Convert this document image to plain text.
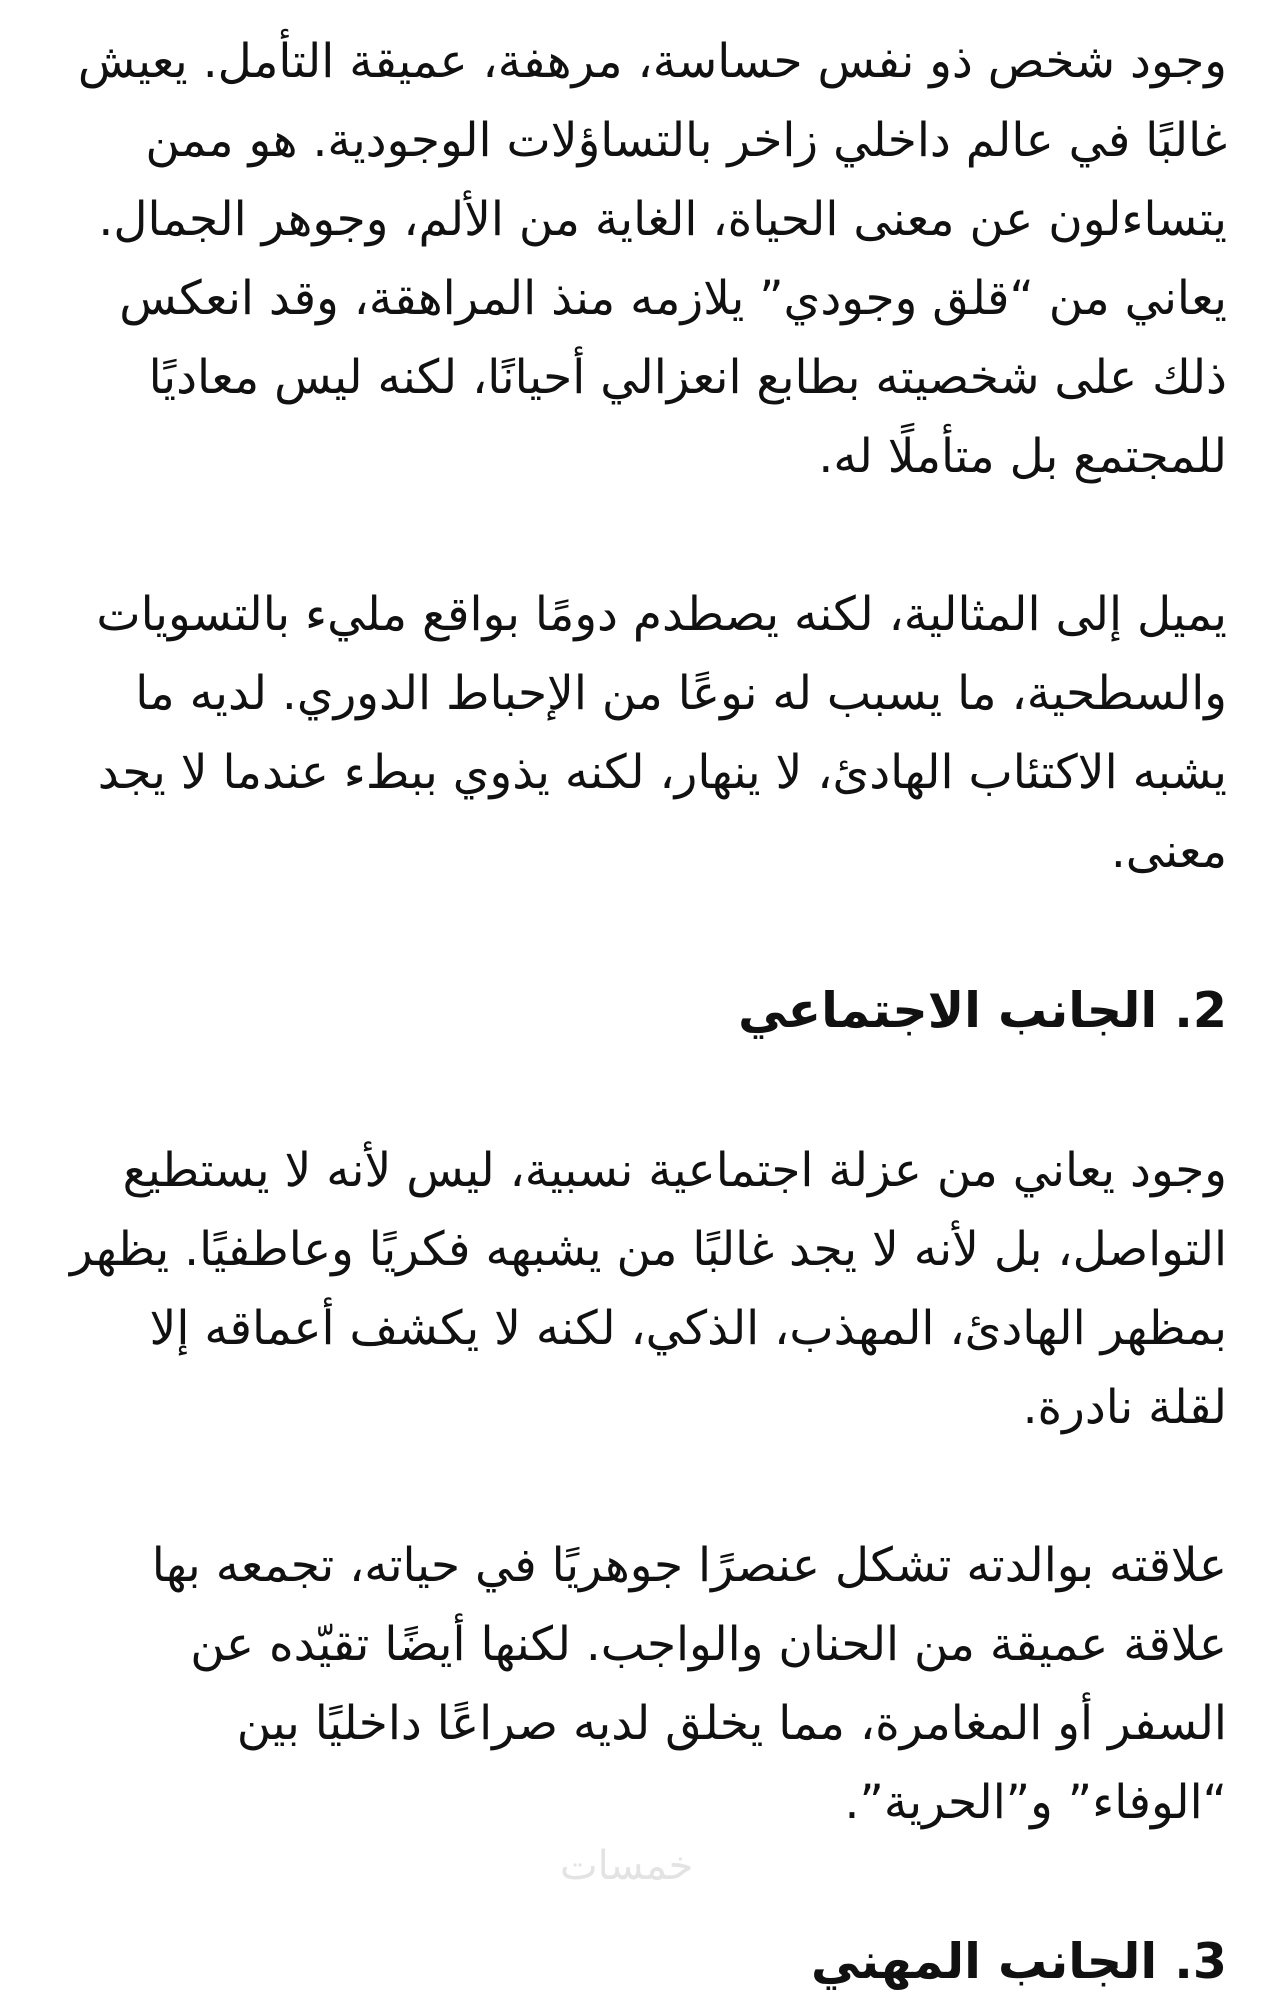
وجود شخص ذو نفس حساسة، مرهفة، عميقة التأمل. يعيش غالبًا في عالم داخلي زاخر بالتساؤلات الوجودية. هو ممن يتساءلون عن معنى الحياة، الغاية من الألم، وجوهر الجمال. يعاني من “قلق وجودي” يلازمه منذ المراهقة، وقد انعكس ذلك على شخصيته بطابع انعزالي أحيانًا، لكنه ليس معاديًا للمجتمع بل متأملًا له.

يميل إلى المثالية، لكنه يصطدم دومًا بواقع مليء بالتسويات والسطحية، ما يسبب له نوعًا من الإحباط الدوري. لديه ما يشبه الاكتئاب الهادئ، لا ينهار، لكنه يذوي ببطء عندما لا يجد معنى.

2. الجانب الاجتماعي

وجود يعاني من عزلة اجتماعية نسبية، ليس لأنه لا يستطيع التواصل، بل لأنه لا يجد غالبًا من يشبهه فكريًا وعاطفيًا. يظهر بمظهر الهادئ، المهذب، الذكي، لكنه لا يكشف أعماقه إلا لقلة نادرة.

علاقته بوالدته تشكل عنصرًا جوهريًا في حياته، تجمعه بها علاقة عميقة من الحنان والواجب. لكنها أيضًا تقيّده عن السفر أو المغامرة، مما يخلق لديه صراعًا داخليًا بين “الوفاء” و”الحرية”.

3. الجانب المهني
خمسات
